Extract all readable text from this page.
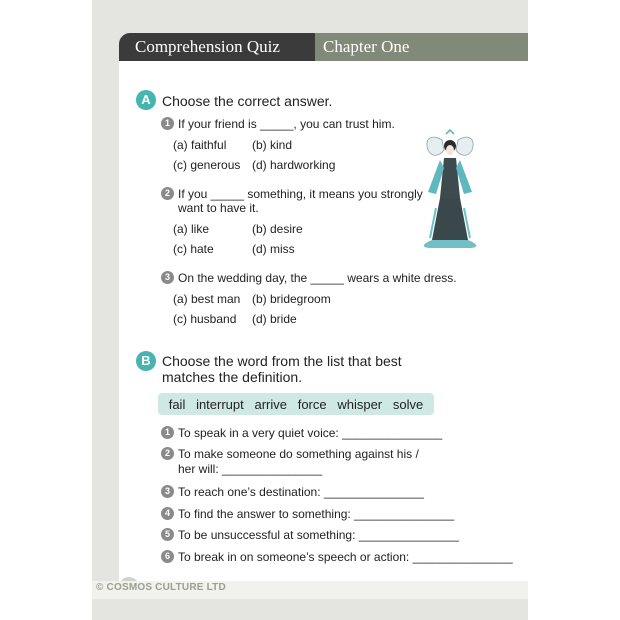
Comprehension Quiz	Chapter One
A Choose the correct answer.
1 If your friend is _____, you can trust him.
(a) faithful (b) kind
(c) generous (d) hardworking
2 If you _____ something, it means you strongly
want to have it.
(a) like	(b) desire
(c) hate	(d) miss
3 On the wedding day, the _____ wears a white dress.
(a) best man (b) bridegroom
(c) husband (d) bride
B Choose the word from the list that best
matches the definition.
fail interrupt arrive force whisper solve
1 To speak in a very quiet voice: _______________
2 To make someone do something against his /
her will: _______________
3 To reach one’s destination: _______________
4 To find the answer to something: _______________
5 To be unsuccessful at something: _______________
6 To break in on someone’s speech or action: _______________
© COSMOS CULTURE LTD
